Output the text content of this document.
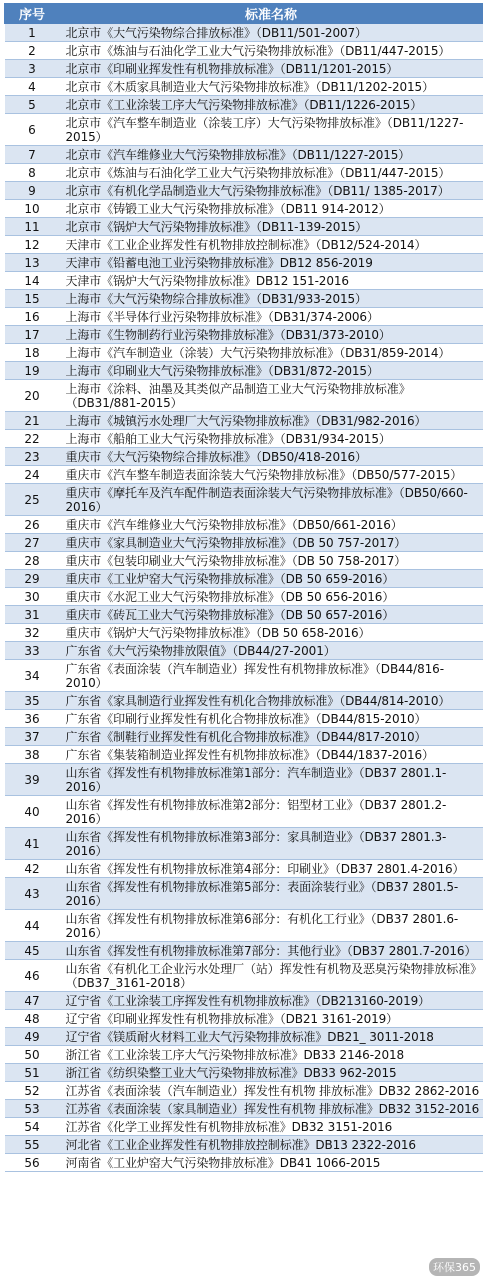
序号	标准名称
1	北京市《大气污染物综合排放标准》（DB11/501-2007）
2	北京市《炼油与石油化学工业大气污染物排放标准》（DB11/447-2015）
3	北京市《印刷业挥发性有机物排放标准》（DB11/1201-2015）
4	北京市《木质家具制造业大气污染物排放标准》（DB11/1202-2015）
5	北京市《工业涂装工序大气污染物排放标准》（DB11/1226-2015）
6	北京市《汽车整车制造业（涂装工序）大气污染物排放标准》（DB11/1227-2015）
7	北京市《汽车维修业大气污染物排放标准》（DB11/1227-2015）
8	北京市《炼油与石油化学工业大气污染物排放标准》（DB11/447-2015）
9	北京市《有机化学品制造业大气污染物排放标准》（DB11/ 1385-2017）
10	北京市《铸锻工业大气污染物排放标准》（DB11 914-2012）
11	北京市《锅炉大气污染物排放标准》（DB11-139-2015）
12	天津市《工业企业挥发性有机物排放控制标准》（DB12/524-2014）
13	天津市《铅蓄电池工业污染物排放标准》DB12 856-2019
14	天津市《锅炉大气污染物排放标准》DB12 151-2016
15	上海市《大气污染物综合排放标准》（DB31/933-2015）
16	上海市《半导体行业污染物排放标准》（DB31/374-2006）
17	上海市《生物制药行业污染物排放标准》（DB31/373-2010）
18	上海市《汽车制造业（涂装）大气污染物排放标准》（DB31/859-2014）
19	上海市《印刷业大气污染物排放标准》（DB31/872-2015）
20	上海市《涂料、油墨及其类似产品制造工业大气污染物排放标准》（DB31/881-2015）
21	上海市《城镇污水处理厂大气污染物排放标准》（DB31/982-2016）
22	上海市《船舶工业大气污染物排放标准》（DB31/934-2015）
23	重庆市《大气污染物综合排放标准》（DB50/418-2016）
24	重庆市《汽车整车制造表面涂装大气污染物排放标准》（DB50/577-2015）
25	重庆市《摩托车及汽车配件制造表面涂装大气污染物排放标准》（DB50/660-2016）
26	重庆市《汽车维修业大气污染物排放标准》（DB50/661-2016）
27	重庆市《家具制造业大气污染物排放标准》（DB 50 757-2017）
28	重庆市《包装印刷业大气污染物排放标准》（DB 50 758-2017）
29	重庆市《工业炉窑大气污染物排放标准》（DB 50 659-2016）
30	重庆市《水泥工业大气污染物排放标准》（DB 50 656-2016）
31	重庆市《砖瓦工业大气污染物排放标准》（DB 50 657-2016）
32	重庆市《锅炉大气污染物排放标准》（DB 50 658-2016）
33	广东省《大气污染物排放限值》（DB44/27-2001）
34	广东省《表面涂装（汽车制造业）挥发性有机物排放标准》（DB44/816-2010）
35	广东省《家具制造行业挥发性有机化合物排放标准》（DB44/814-2010）
36	广东省《印刷行业挥发性有机化合物排放标准》（DB44/815-2010）
37	广东省《制鞋行业挥发性有机化合物排放标准》（DB44/817-2010）
38	广东省《集装箱制造业挥发性有机物排放标准》（DB44/1837-2016）
39	山东省《挥发性有机物排放标准第1部分：汽车制造业》（DB37 2801.1-2016）
40	山东省《挥发性有机物排放标准第2部分：铝型材工业》（DB37 2801.2-2016）
41	山东省《挥发性有机物排放标准第3部分：家具制造业》（DB37 2801.3-2016）
42	山东省《挥发性有机物排放标准第4部分：印刷业》（DB37 2801.4-2016）
43	山东省《挥发性有机物排放标准第5部分：表面涂装行业》（DB37 2801.5-2016）
44	山东省《挥发性有机物排放标准第6部分：有机化工行业》（DB37 2801.6-2016）
45	山东省《挥发性有机物排放标准第7部分：其他行业》（DB37 2801.7-2016）
46	山东省《有机化工企业污水处理厂（站）挥发性有机物及恶臭污染物排放标准》（DB37_3161-2018）
47	辽宁省《工业涂装工序挥发性有机物排放标准》（DB213160-2019）
48	辽宁省《印刷业挥发性有机物排放标准》（DB21 3161-2019）
49	辽宁省《镁质耐火材料工业大气污染物排放标准》DB21_ 3011-2018
50	浙江省《工业涂装工序大气污染物排放标准》DB33 2146-2018
51	浙江省《纺织染整工业大气污染物排放标准》DB33 962-2015
52	江苏省《表面涂装（汽车制造业）挥发性有机物 排放标准》DB32 2862-2016
53	江苏省《表面涂装（家具制造业）挥发性有机物 排放标准》DB32 3152-2016
54	江苏省《化学工业挥发性有机物排放标准》DB32 3151-2016
55	河北省《工业企业挥发性有机物排放控制标准》DB13 2322-2016
56	河南省《工业炉窑大气污染物排放标准》DB41 1066-2015
环保365
